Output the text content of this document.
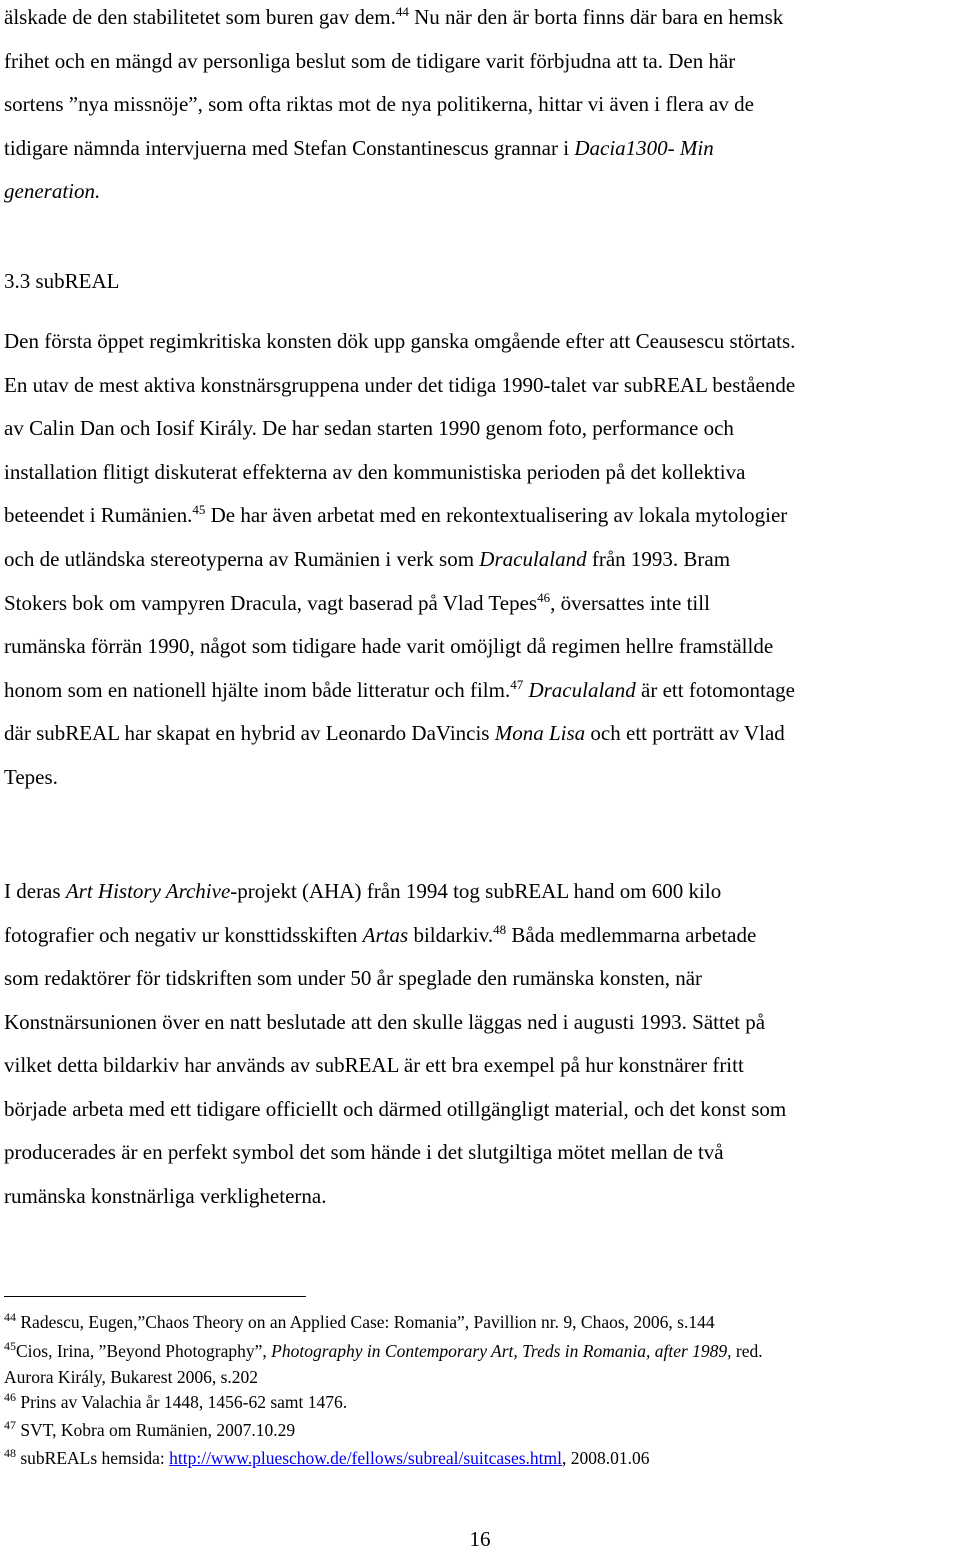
älskade de den stabilitetet som buren gav dem.$^{44}$ Nu när den är borta finns där bara en hemsk
frihet och en mängd av personliga beslut som de tidigare varit förbjudna att ta. Den här
sortens ”nya missnöje”, som ofta riktas mot de nya politikerna, hittar vi även i flera av de
tidigare nämnda intervjuerna med Stefan Constantinescus grannar i Dacia1300- Min
generation.
3.3 subREAL
Den första öppet regimkritiska konsten dök upp ganska omgående efter att Ceausescu störtats.
En utav de mest aktiva konstnärsgruppena under det tidiga 1990-talet var subREAL bestående
av Calin Dan och Iosif Király. De har sedan starten 1990 genom foto, performance och
installation flitigt diskuterat effekterna av den kommunistiska perioden på det kollektiva
beteendet i Rumänien.$^{45}$ De har även arbetat med en rekontextualisering av lokala mytologier
och de utländska stereotyperna av Rumänien i verk som Draculaland från 1993. Bram
Stokers bok om vampyren Dracula, vagt baserad på Vlad Tepes$^{46}$, översattes inte till
rumänska förrän 1990, något som tidigare hade varit omöjligt då regimen hellre framställde
honom som en nationell hjälte inom både litteratur och film.$^{47}$ Draculaland är ett fotomontage
där subREAL har skapat en hybrid av Leonardo DaVincis Mona Lisa och ett porträtt av Vlad
Tepes.
I deras Art History Archive-projekt (AHA) från 1994 tog subREAL hand om 600 kilo
fotografier och negativ ur konsttidsskiften Artas bildarkiv.$^{48}$ Båda medlemmarna arbetade
som redaktörer för tidskriften som under 50 år speglade den rumänska konsten, när
Konstnärsunionen över en natt beslutade att den skulle läggas ned i augusti 1993. Sättet på
vilket detta bildarkiv har används av subREAL är ett bra exempel på hur konstnärer fritt
började arbeta med ett tidigare officiellt och därmed otillgängligt material, och det konst som
producerades är en perfekt symbol det som hände i det slutgiltiga mötet mellan de två
rumänska konstnärliga verkligheterna.
$^{44}$ Radescu, Eugen,”Chaos Theory on an Applied Case: Romania”, Pavillion nr. 9, Chaos, 2006, s.144
$^{45}$Cios, Irina, ”Beyond Photography”, Photography in Contemporary Art, Treds in Romania, after 1989, red.
Aurora Király, Bukarest 2006, s.202
$^{46}$ Prins av Valachia år 1448, 1456-62 samt 1476.
$^{47}$ SVT, Kobra om Rumänien, 2007.10.29
$^{48}$ subREALs hemsida: http://www.plueschow.de/fellows/subreal/suitcases.html, 2008.01.06
16
